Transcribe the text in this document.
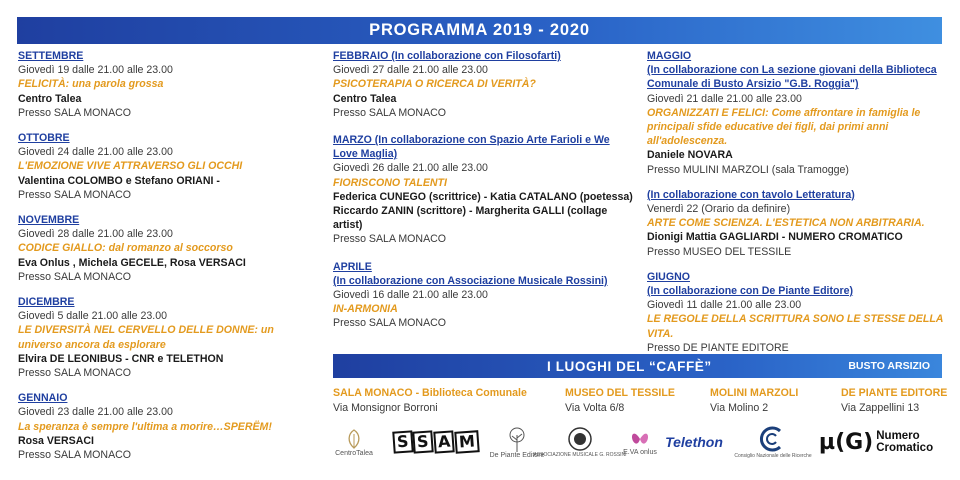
PROGRAMMA 2019 - 2020
SETTEMBRE
Giovedì 19 dalle 21.00 alle 23.00
FELICITÀ: una parola grossa
Centro Talea
Presso SALA MONACO
OTTOBRE
Giovedì 24 dalle 21.00 alle 23.00
L'EMOZIONE VIVE ATTRAVERSO GLI OCCHI
Valentina COLOMBO e Stefano ORIANI -
Presso SALA MONACO
NOVEMBRE
Giovedì 28 dalle 21.00 alle 23.00
CODICE GIALLO: dal romanzo al soccorso
Eva Onlus , Michela GECELE, Rosa VERSACI
Presso SALA MONACO
DICEMBRE
Giovedì 5 dalle 21.00 alle 23.00
LE DIVERSITÀ NEL CERVELLO DELLE DONNE: un universo ancora da esplorare
Elvira DE LEONIBUS - CNR e TELETHON
Presso SALA MONACO
GENNAIO
Giovedì 23 dalle 21.00 alle 23.00
La speranza è sempre l'ultima a morire…SPERËM!
Rosa VERSACI
Presso SALA MONACO
FEBBRAIO (In collaborazione con Filosofarti)
Giovedì 27 dalle 21.00 alle 23.00
PSICOTERAPIA O RICERCA DI VERITÀ?
Centro Talea
Presso SALA MONACO
MARZO (In collaborazione con Spazio Arte Farioli e We Love Maglia)
Giovedì 26 dalle 21.00 alle 23.00
FIORISCONO TALENTI
Federica CUNEGO (scrittrice) - Katia CATALANO (poetessa) Riccardo ZANIN (scrittore) - Margherita GALLI (collage artist)
Presso SALA MONACO
APRILE
(In collaborazione con Associazione Musicale Rossini)
Giovedì 16 dalle 21.00 alle 23.00
IN-ARMONIA
Presso SALA MONACO
MAGGIO
(In collaborazione con La sezione giovani della Biblioteca Comunale di Busto Arsizio "G.B. Roggia")
Giovedì 21 dalle 21.00 alle 23.00
ORGANIZZATI E FELICI: Come affrontare in famiglia le principali sfide educative dei figli, dai primi anni all'adolescenza.
Daniele NOVARA
Presso MULINI MARZOLI (sala Tramogge)
(In collaborazione con tavolo Letteratura)
Venerdì 22 (Orario da definire)
ARTE COME SCIENZA. L'ESTETICA NON ARBITRARIA.
Dionigi Mattia GAGLIARDI - NUMERO CROMATICO
Presso MUSEO DEL TESSILE
GIUGNO
(In collaborazione con De Piante Editore)
Giovedì 11 dalle 21.00 alle 23.00
LE REGOLE DELLA SCRITTURA SONO LE STESSE DELLA VITA.
Presso DE PIANTE EDITORE
I LUOGHI DEL “CAFFÈ”	BUSTO ARSIZIO
SALA MONACO - Biblioteca Comunale
Via Monsignor Borroni
MUSEO DEL TESSILE
Via Volta 6/8
MOLINI MARZOLI
Via Molino 2
DE PIANTE EDITORE
Via Zappellini 13
CentroTalea
S S A M
De Piante Editore
ASSOCIAZIONE MUSICALE G. ROSSINI
E.VA onlus
Telethon
Consiglio Nazionale delle Ricerche
µ(G) Numero
Cromatico
